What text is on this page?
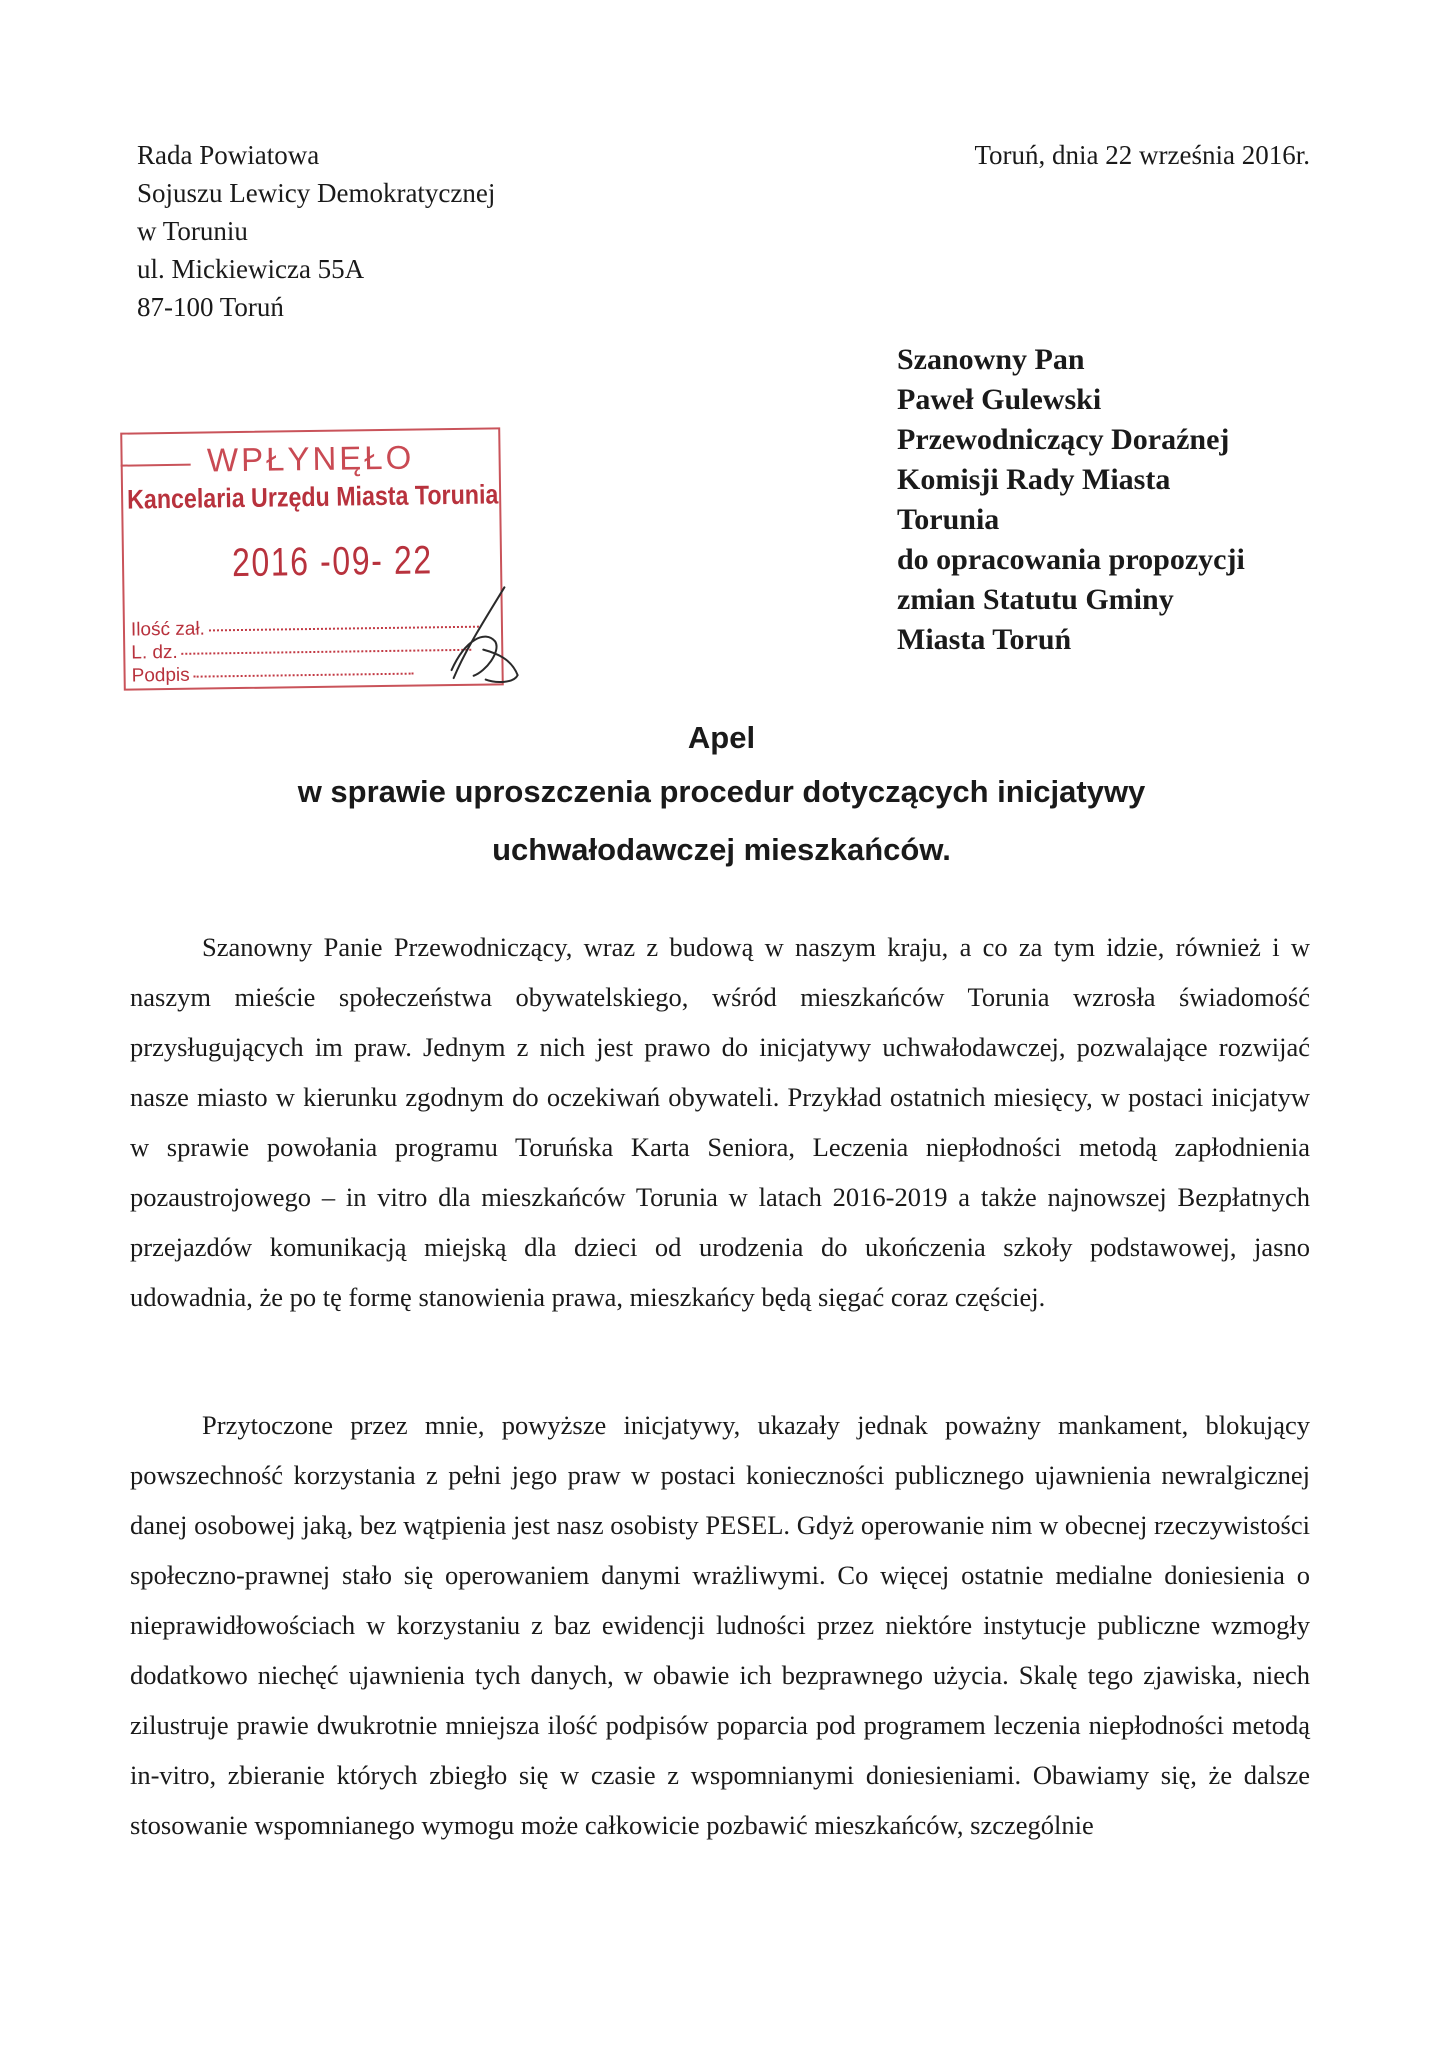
Rada Powiatowa
Sojuszu Lewicy Demokratycznej
w Toruniu
ul. Mickiewicza 55A
87-100 Toruń
Toruń, dnia 22 września 2016r.
Szanowny Pan
Paweł Gulewski
Przewodniczący Doraźnej
Komisji Rady Miasta
Torunia
do opracowania propozycji
zmian Statutu Gminy
Miasta Toruń
WPŁYNĘŁO
Kancelaria Urzędu Miasta Torunia
2016 -09- 22
Ilość zał.
L. dz.
Podpis
Apel
w sprawie uproszczenia procedur dotyczących inicjatywy
uchwałodawczej mieszkańców.
Szanowny Panie Przewodniczący, wraz z budową w naszym kraju, a co za tym idzie, również i w naszym mieście społeczeństwa obywatelskiego, wśród mieszkańców Torunia wzrosła świadomość przysługujących im praw. Jednym z nich jest prawo do inicjatywy uchwałodawczej, pozwalające rozwijać nasze miasto w kierunku zgodnym do oczekiwań obywateli. Przykład ostatnich miesięcy, w postaci inicjatyw w sprawie powołania programu Toruńska Karta Seniora, Leczenia niepłodności metodą zapłodnienia pozaustrojowego – in vitro dla mieszkańców Torunia w latach 2016-2019 a także najnowszej Bezpłatnych przejazdów komunikacją miejską dla dzieci od urodzenia do ukończenia szkoły podstawowej, jasno udowadnia, że po tę formę stanowienia prawa, mieszkańcy będą sięgać coraz częściej.
Przytoczone przez mnie, powyższe inicjatywy, ukazały jednak poważny mankament, blokujący powszechność korzystania z pełni jego praw w postaci konieczności publicznego ujawnienia newralgicznej danej osobowej jaką, bez wątpienia jest nasz osobisty PESEL. Gdyż operowanie nim w obecnej rzeczywistości społeczno-prawnej stało się operowaniem danymi wrażliwymi. Co więcej ostatnie medialne doniesienia o nieprawidłowościach w korzystaniu z baz ewidencji ludności przez niektóre instytucje publiczne wzmogły dodatkowo niechęć ujawnienia tych danych, w obawie ich bezprawnego użycia. Skalę tego zjawiska, niech zilustruje prawie dwukrotnie mniejsza ilość podpisów poparcia pod programem leczenia niepłodności metodą in-vitro, zbieranie których zbiegło się w czasie z wspomnianymi doniesieniami. Obawiamy się, że dalsze stosowanie wspomnianego wymogu może całkowicie pozbawić mieszkańców, szczególnie
